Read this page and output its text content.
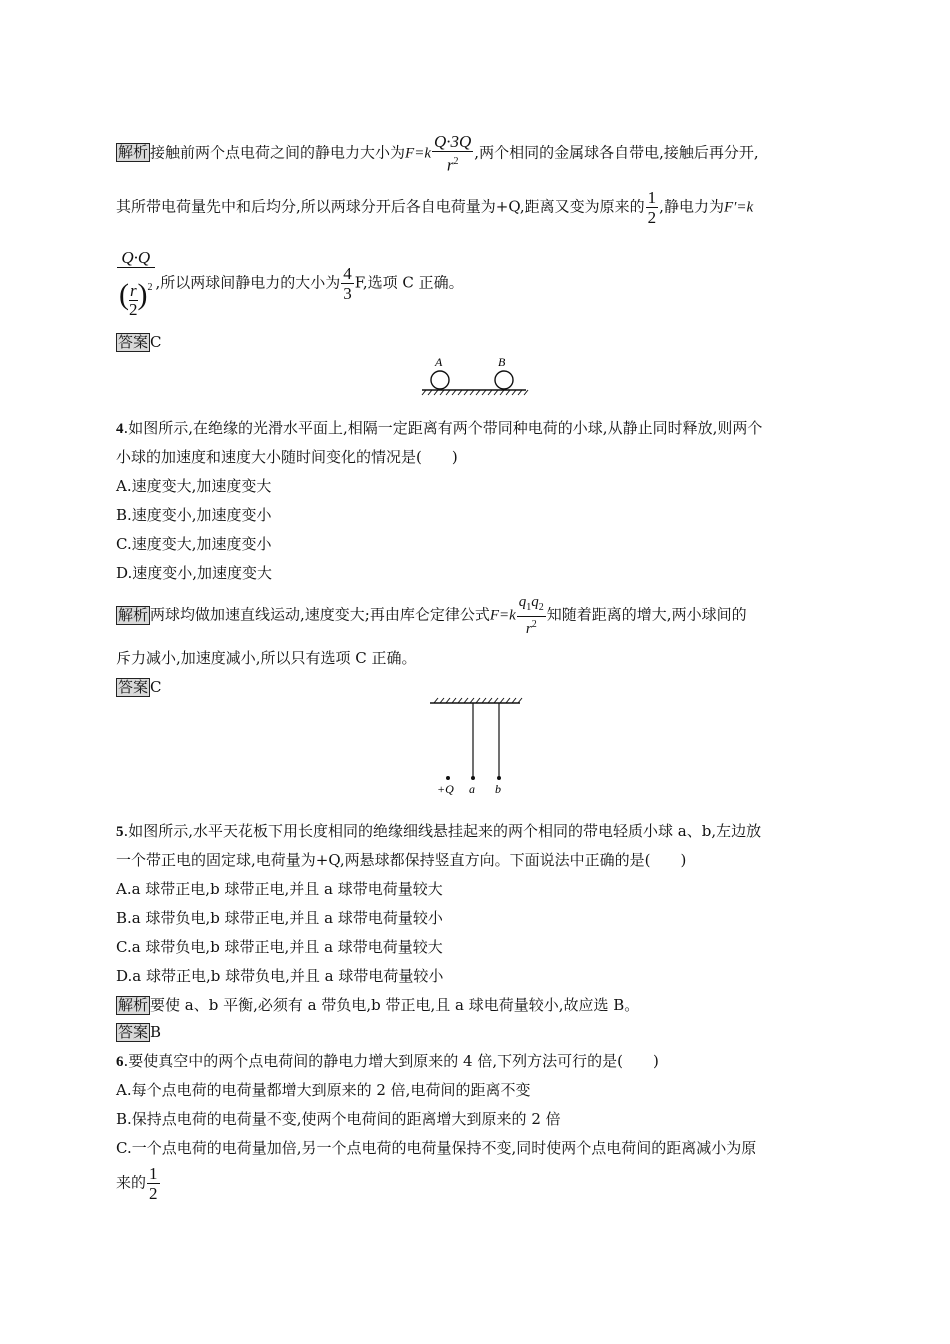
解析 接触前两个点电荷之间的静电力大小为$F=k \frac{Q\cdot 3Q}{r^2}$ ,两个相同的金属球各自带电,接触后再分开,
其所带电荷量先中和后均分,所以两球分开后各自电荷量为+Q,距离又变为原来的 $\frac{1}{2}$ ,静电力为F′=k
$\frac{Q\cdot Q}{( \frac{r}{2} )^2}$ ,所以两球间静电力的大小为 $\frac{4}{3} F$,选项 C 正确。
答案 C
A	B
4.如图所示,在绝缘的光滑水平面上,相隔一定距离有两个带同种电荷的小球,从静止同时释放,则两个
小球的加速度和速度大小随时间变化的情况是(　　)
A.速度变大,加速度变大
B.速度变小,加速度变小
C.速度变大,加速度变小
D.速度变小,加速度变大
解析 两球均做加速直线运动,速度变大;再由库仑定律公式$F=k \frac{q_1q_2}{r^2}$ 知随着距离的增大,两小球间的
斥力减小,加速度减小,所以只有选项 C 正确。
答案 C
+Q a b
5.如图所示,水平天花板下用长度相同的绝缘细线悬挂起来的两个相同的带电轻质小球 a、b,左边放
一个带正电的固定球,电荷量为+Q,两悬球都保持竖直方向。下面说法中正确的是(　　)
A.a 球带正电,b 球带正电,并且 a 球带电荷量较大
B.a 球带负电,b 球带正电,并且 a 球带电荷量较小
C.a 球带负电,b 球带正电,并且 a 球带电荷量较大
D.a 球带正电,b 球带负电,并且 a 球带电荷量较小
解析 要使 a、b 平衡,必须有 a 带负电,b 带正电,且 a 球电荷量较小,故应选 B。
答案 B
6.要使真空中的两个点电荷间的静电力增大到原来的 4 倍,下列方法可行的是(　　)
A.每个点电荷的电荷量都增大到原来的 2 倍,电荷间的距离不变
B.保持点电荷的电荷量不变,使两个电荷间的距离增大到原来的 2 倍
C.一个点电荷的电荷量加倍,另一个点电荷的电荷量保持不变,同时使两个点电荷间的距离减小为原
来的 $\frac{1}{2}$
